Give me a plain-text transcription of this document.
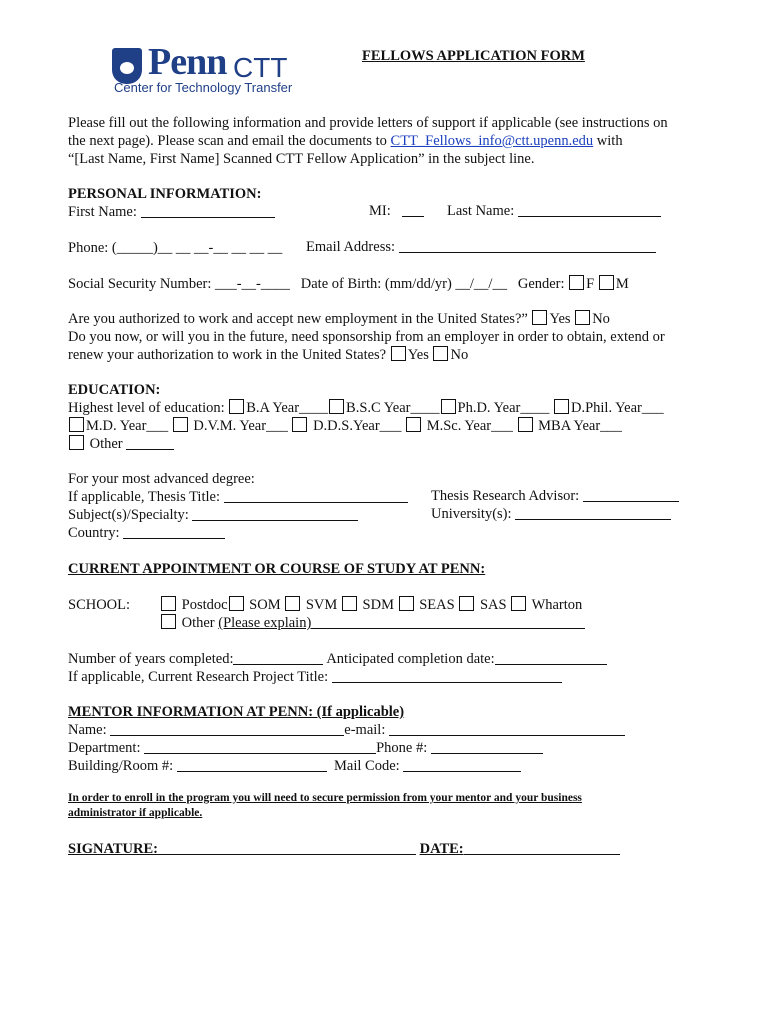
Penn CTT
Center for Technology Transfer
FELLOWS APPLICATION FORM
Please fill out the following information and provide letters of support if applicable (see instructions on
the next page). Please scan and email the documents to CTT_Fellows_info@ctt.upenn.edu with
“[Last Name, First Name] Scanned CTT Fellow Application” in the subject line.
PERSONAL INFORMATION:
First Name:	MI:	Last Name:
Phone: (_____)__ __ __-__ __ __ __ Email Address:
Social Security Number: ___-__-____ Date of Birth: (mm/dd/yr) __/__/__ Gender: F M
Are you authorized to work and accept new employment in the United States?” Yes No
Do you now, or will you in the future, need sponsorship from an employer in order to obtain, extend or
renew your authorization to work in the United States? Yes No
EDUCATION:
Highest level of education: B.A Year____ B.S.C Year____ Ph.D. Year____ D.Phil. Year___
M.D. Year___ D.V.M. Year___ D.D.S.Year___ M.Sc. Year___ MBA Year___
Other
For your most advanced degree:
If applicable, Thesis Title:	Thesis Research Advisor:
Subject(s)/Specialty:	University(s):
Country:
CURRENT APPOINTMENT OR COURSE OF STUDY AT PENN:
SCHOOL:	Postdoc SOM SVM SDM SEAS SAS Wharton
Other (Please explain)
Number of years completed:	Anticipated completion date:
If applicable, Current Research Project Title:
MENTOR INFORMATION AT PENN: (If applicable)
Name:	e-mail:
Department:	Phone #:
Building/Room #:	Mail Code:
In order to enroll in the program you will need to secure permission from your mentor and your business
administrator if applicable.
SIGNATURE:	DATE:
